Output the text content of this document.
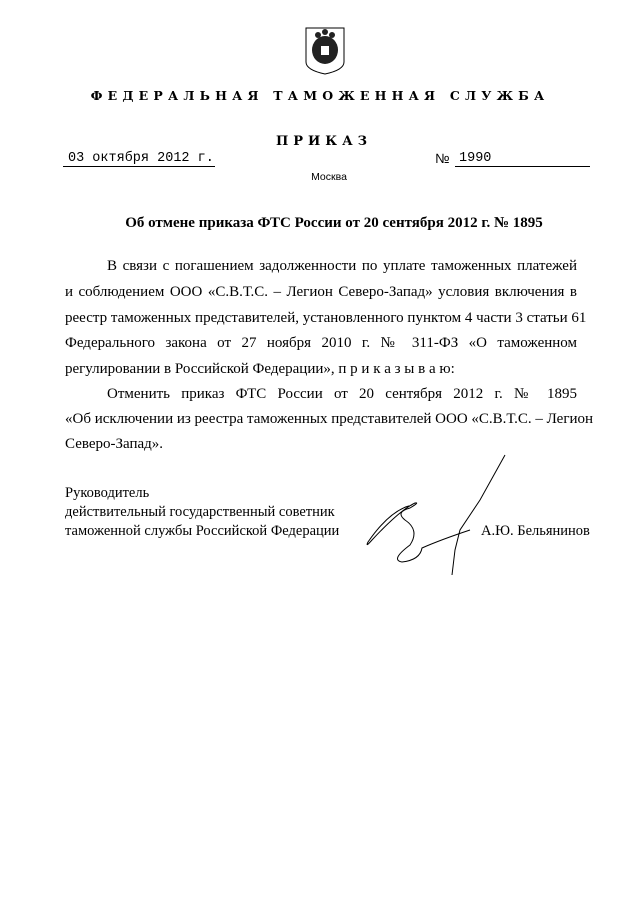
ФЕДЕРАЛЬНАЯ ТАМОЖЕННАЯ СЛУЖБА
ПРИКАЗ
03 октября 2012 г.	№ 1990
Москва
Об отмене приказа ФТС России от 20 сентября 2012 г. № 1895
В связи с погашением задолженности по уплате таможенных платежей
и соблюдением ООО «С.В.Т.С. – Легион Северо-Запад» условия включения в
реестр таможенных представителей, установленного пунктом 4 части 3 статьи 61
Федерального закона от 27 ноября 2010 г. № 311-ФЗ «О таможенном
регулировании в Российской Федерации», п р и к а з ы в а ю:
Отменить приказ ФТС России от 20 сентября 2012 г. № 1895
«Об исключении из реестра таможенных представителей ООО «С.В.Т.С. – Легион
Северо-Запад».
Руководитель
действительный государственный советник
таможенной службы Российской Федерации	А.Ю. Бельянинов
